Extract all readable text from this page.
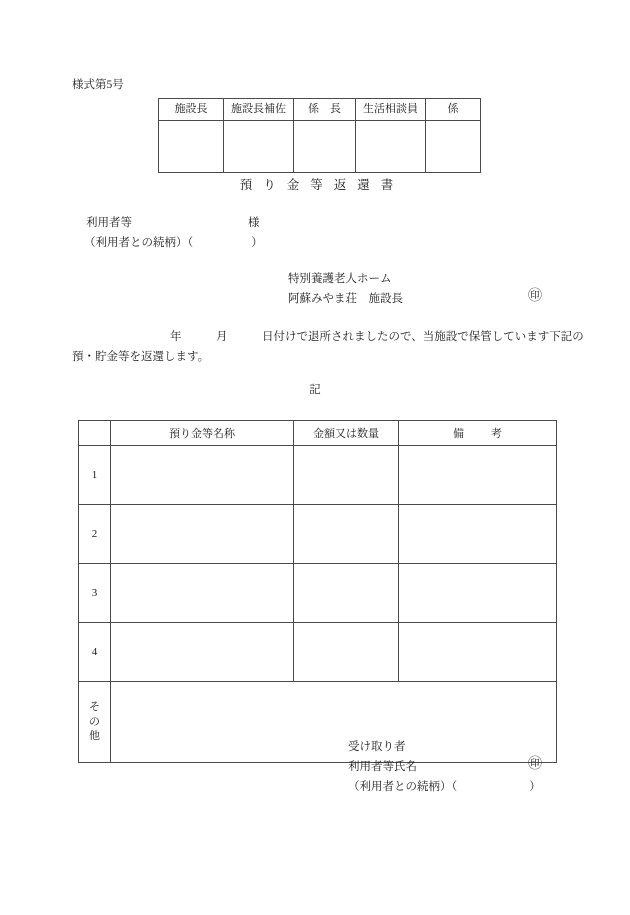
様式第5号
施設長	施設長補佐	係　長	生活相談員	係

預り金等返還書
利用者等	様
（利用者との続柄）（	）
特別養護老人ホーム
阿蘇みやま荘　施設長	㊞
年　　　月　　　日付けで退所されましたので、当施設で保管しています下記の
預・貯金等を返還します。
記
	預り金等名称	金額又は数量	備　考
1			
2			
3			
4			

そ
の
他			

受け取り者
利用者等氏名	㊞
（利用者との続柄）（	）
